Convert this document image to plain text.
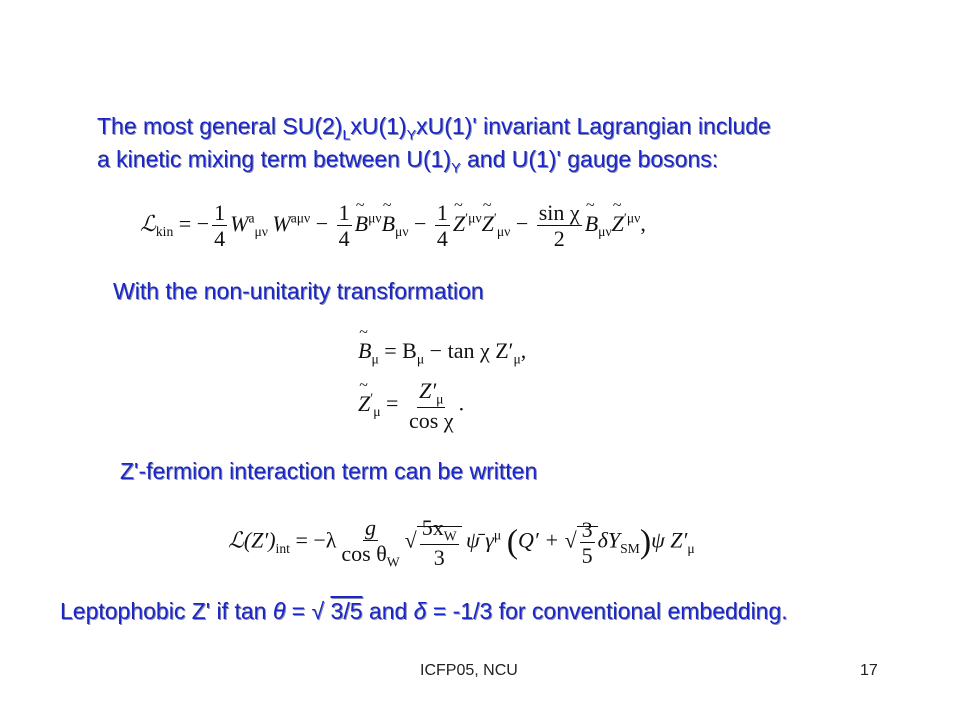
The most general $SU(2)_LxU(1)_YxU(1)'$ invariant Lagrangian include
a kinetic mixing term between $U(1)_Y$ and U(1)' gauge bosons:
ℒ$_{kin}$ = − $\frac{1}{4} W^a_{\mu\nu}$  $W^{a\mu\nu} - \frac{1}{4}$ ~ $B^{\mu\nu}\sim$ $B_{\mu\nu} - \frac{1}{4}$ ~ $Z^{'\mu\nu}\sim$ $Z'_{\mu\nu} - \frac{\text{sin χ}}{2}$ ~ $B_{\mu\nu}\sim$ $Z^{'\mu\nu}$,
With the non-unitarity transformation
~ $B_\mu = B_\mu - \tan \chi$ $Z'_\mu$,
~ $Z'_\mu = \frac{Z'_\mu}{\text{cos χ}}$ .
Z'-fermion interaction term can be written
$ℒ(Z')_{int} = -\lambda \frac{g}{\cos \theta_W}$ √ $\frac{5x_W}{3}$
  ψ̄ $\gamma^\mu$ (Q′ + √ $\frac{3}{5} \delta Y_{SM})\psi$ $Z'_\mu$
Leptophobic Z' if tan θ = √ 3/5 and δ = -1/3 for conventional embedding.
ICFP05, NCU	17
